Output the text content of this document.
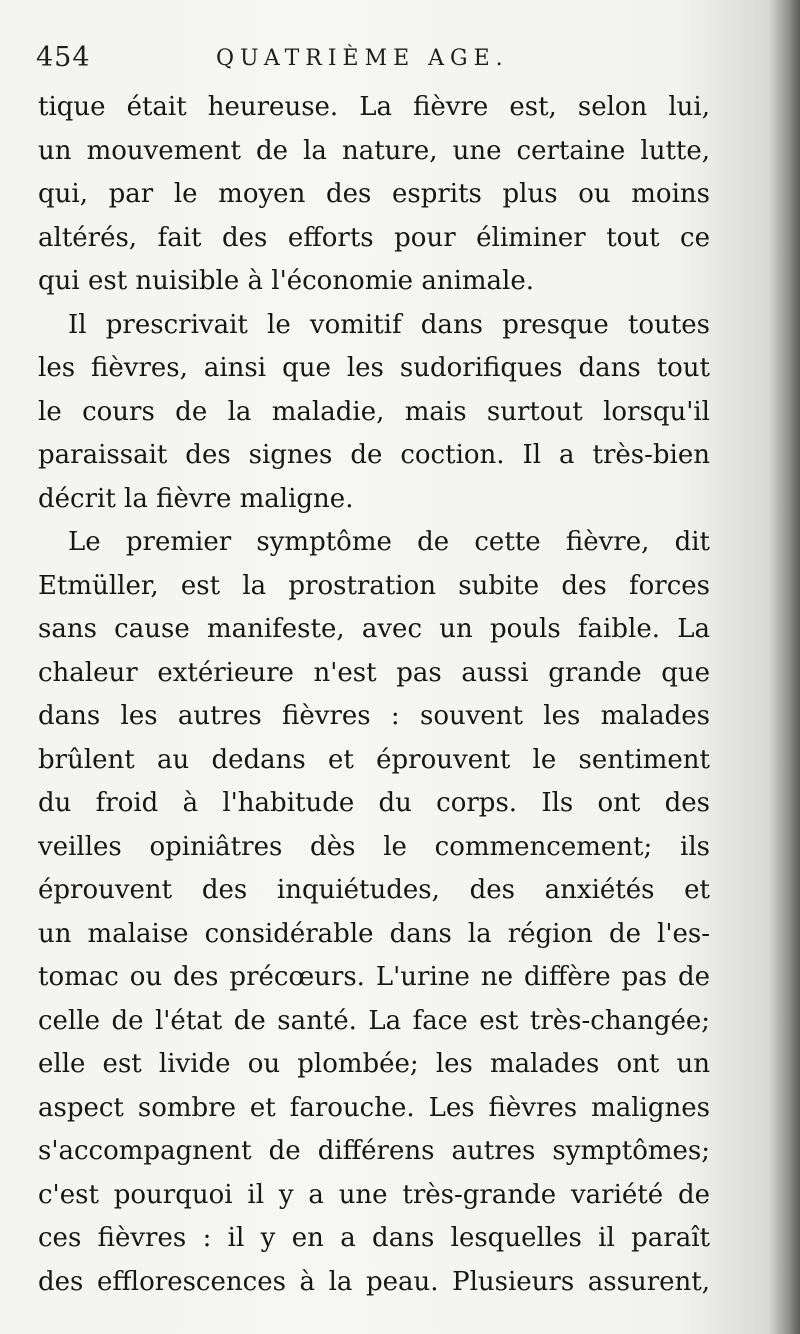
454	QUATRIÈME AGE.
tique était heureuse. La fièvre est, selon lui,
un mouvement de la nature, une certaine lutte,
qui, par le moyen des esprits plus ou moins
altérés, fait des efforts pour éliminer tout ce
qui est nuisible à l'économie animale.
Il prescrivait le vomitif dans presque toutes
les fièvres, ainsi que les sudorifiques dans tout
le cours de la maladie, mais surtout lorsqu'il
paraissait des signes de coction. Il a très-bien
décrit la fièvre maligne.
Le premier symptôme de cette fièvre, dit
Etmüller, est la prostration subite des forces
sans cause manifeste, avec un pouls faible. La
chaleur extérieure n'est pas aussi grande que
dans les autres fièvres : souvent les malades
brûlent au dedans et éprouvent le sentiment
du froid à l'habitude du corps. Ils ont des
veilles opiniâtres dès le commencement; ils
éprouvent des inquiétudes, des anxiétés et
un malaise considérable dans la région de l'es-
tomac ou des précœurs. L'urine ne diffère pas de
celle de l'état de santé. La face est très-changée;
elle est livide ou plombée; les malades ont un
aspect sombre et farouche. Les fièvres malignes
s'accompagnent de différens autres symptômes;
c'est pourquoi il y a une très-grande variété de
ces fièvres : il y en a dans lesquelles il paraît
des efflorescences à la peau. Plusieurs assurent,
